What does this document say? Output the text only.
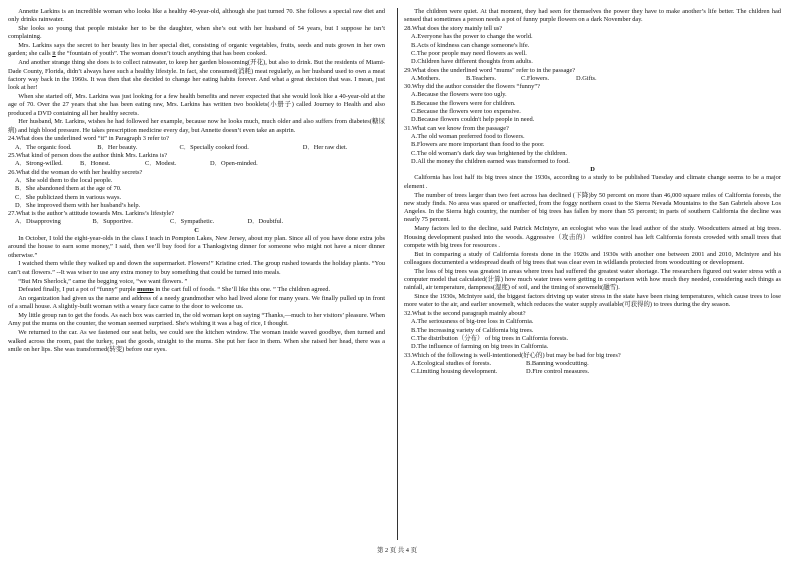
Annette Larkins is an incredible woman who looks like a healthy 40-year-old, although she just turned 70. She follows a special raw diet and only drinks rainwater.

She looks so young that people mistake her to be the daughter, when she’s out with her husband of 54 years, but I suppose he isn’t complaining.

Mrs. Larkins says the secret to her beauty lies in her special diet, consisting of organic vegetables, fruits, seeds and nuts grown in her own garden; she calls it the “fountain of youth”. The woman doesn’t touch anything that has been cooked.

And another strange thing she does is to collect rainwater, to keep her garden blossoming(开花), but also to drink. But the residents of Miami-Dade County, Florida, didn’t always have such a healthy lifestyle. In fact, she consumed(消耗) meat regularly, as her husband used to own a meat factory way back in the 1960s. It was then that she decided to change her eating habits forever. And what a great decision that was. I mean, just look at her!

When she started off, Mrs. Larkins was just looking for a few health benefits and never expected that she would look like a 40-year-old at the age of 70. Over the 27 years that she has been eating raw, Mrs. Larkins has written two booklets(小册子) called Journey to Health and also produced a DVD containing all her healthy secrets.

Her husband, Mr. Larkins, wishes he had followed her example, because now he looks much, much older and also suffers from diabetes(糖尿病) and high blood pressure. He takes prescription medicine every day, but Annette doesn’t even take an aspirin.

24.What does the underlined word “it” in Paragraph 3 refer to?

A．The organic food.	B．Her beauty.	C．Specially cooked food.	D．Her raw diet.

25.What kind of person does the author think Mrs. Larkins is?

A．Strong-willed.	B．Honest.	C．Modest.	D．Open-minded.

26.What did the woman do with her healthy secrets?

A．She sold them to the local people.

B．She abandoned them at the age of 70.

C．She publicized them in various ways.

D．She improved them with her husband’s help.

27.What is the author’s attitude towards Mrs. Larkins’s lifestyle?

A．Disapproving	B．Supportive.	C．Sympathetic.	D．Doubtful.

C

In October, I told the eight-year-olds in the class I teach in Pompton Lakes, New Jersey, about my plan. Since all of you have done extra jobs around the house to earn some money,” I said, then we’ll buy food for a Thanksgiving dinner for someone who might not have a nicer dinner otherwise.”

I watched them while they walked up and down the supermarket. Flowers!” Kristine cried. The group rushed towards the holiday plants. “You can’t eat flowers.” --It was wiser to use any extra money to buy something that could be turned into meals.

“But Mrs Sherlock,” came the begging voice, “we want flowers. ”

Defeated finally, I put a pot of “funny” purple mums in the cart full of foods. “ She’ll like this one. ” The children agreed.

An organization had given us the name and address of a needy grandmother who had lived alone for many years. We finally pulled up in front of a small house. A slightly-built woman with a weary face came to the door to welcome us.

My little group ran to get the foods. As each box was carried in, the old woman kept on saying “Thanks,—much to her visitors’ pleasure. When Amy put the mums on the counter, the woman seemed surprised. She's wishing it was a bag of rice, I thought.

We returned to the car. As we fastened our seat belts, we could see the kitchen window. The woman inside waved goodbye, then turned and walked across the room, past the turkey, past the goods, straight to the mums. She put her face in them. When she raised her head, there was a smile on her lips. She was transformed(转变) before our eyes.

The children were quiet. At that moment, they had seen for themselves the power they have to make another’s life better. The children had sensed that sometimes a person needs a pot of funny purple flowers on a dark November day.

28.What does the story mainly tell us?

A.Everyone has the power to change the world.

B.Acts of kindness can change someone's life.

C.The poor people may need flowers as well.

D.Children have different thoughts from adults.

29.What does the underlined word "mums" refer to in the passage?

A.Mothers.	B.Teachers.	C.Flowers.	D.Gifts.

30.Why did the author consider the flowers “funny”?

A.Because the flowers were too ugly.

B.Because the flowers were for children.

C.Because the flowers were too expensive.

D.Because flowers couldn't help people in need.

31.What can we know from the passage?

A.The old woman preferred food to flowers.

B.Flowers are more important than food to the poor.

C.The old woman’s dark day was brightened by the children.

D.All the money the children earned was transformed to food.

D

California has lost half its big trees since the 1930s, according to a study to be published Tuesday and climate change seems to be a major element .

The number of trees larger than two feet across has declined (下降)by 50 percent on more than 46,000 square miles of California forests, the new study finds. No area was spared or unaffected, from the foggy northern coast to the Sierra Nevada Mountains to the San Gabriels above Los Angeles. In the Sierra high country, the number of big trees has fallen by more than 55 percent; in parts of southern California the decline was nearly 75 percent.

Many factors led to the decline, said Patrick McIntyre, an ecologist who was the lead author of the study. Woodcutters aimed at big trees. Housing development pushed into the woods. Aggressive（攻击的） wildfire control has left California forests crowded with small trees that compete with big trees for resources .

But in comparing a study of California forests done in the 1920s and 1930s with another one between 2001 and 2010, McIntyre and his colleagues documented a widespread death of big trees that was clear even in wildlands protected from woodcutting or development.

The loss of big trees was greatest in areas where trees had suffered the greatest water shortage. The researchers figured out water stress with a computer model that calculated(计算) how much water trees were getting in comparison with how much they needed, considering such things as rainfall, air temperature, dampness(湿度) of soil, and the timing of snowmelt(融雪).

Since the 1930s, McIntyre said, the biggest factors driving up water stress in the state have been rising temperatures, which cause trees to lose more water to the air, and earlier snowmelt, which reduces the water supply available(可获得的) to trees during the dry season.

32.What is the second paragraph mainly about?

A.The seriousness of big-tree loss in California.

B.The increasing variety of California big trees.

C.The distribution（分布） of big trees in California forests.

D.The influence of farming on big trees in California.

33.Which of the following is well-intentioned(好心的) but may be bad for big trees?

A.Ecological studies of forests.	B.Banning woodcutting.
C.Limiting housing development.	D.Fire control measures.
第 2 页 共 4 页
